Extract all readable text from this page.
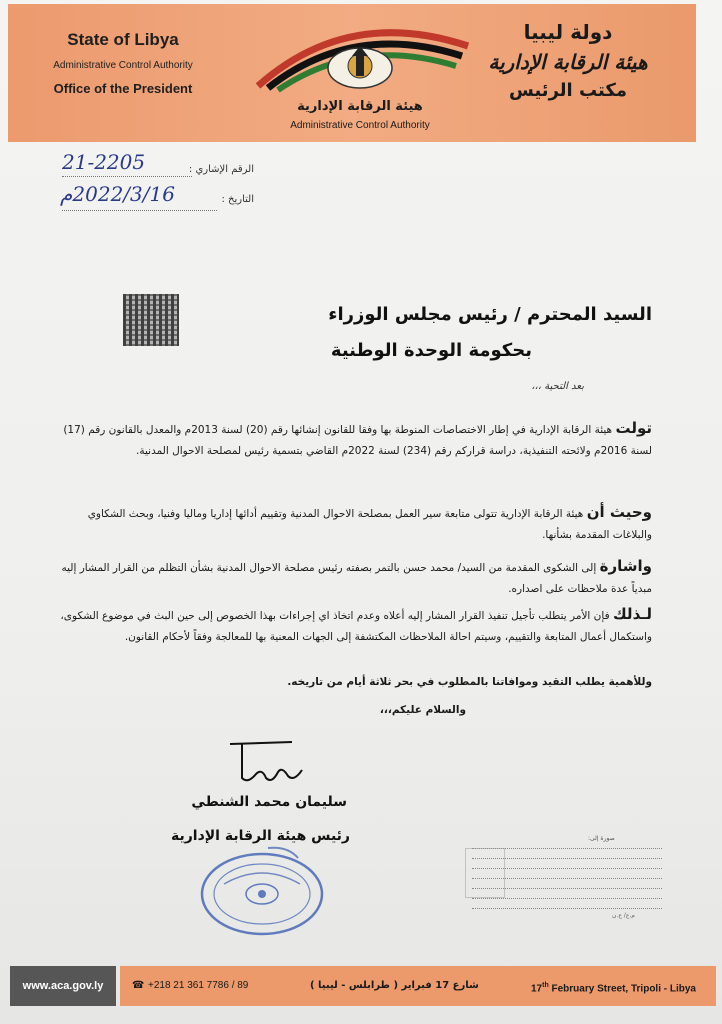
State of Libya
Administrative Control Authority
Office of the President
هيئة الرقابة الإدارية
Administrative Control Authority
دولة ليبيا
هيئة الرقابة الإدارية
مكتب الرئيس
الرقم الإشاري :
21-2205
التاريخ :
2022/3/16م
السيد المحترم / رئيس مجلس الوزراء
بحكومة الوحدة الوطنية
بعد التحية ،،،
تولت هيئة الرقابة الإدارية في إطار الاختصاصات المنوطة بها وفقا للقانون إنشائها رقم (20) لسنة 2013م والمعدل بالقانون رقم (17) لسنة 2016م ولائحته التنفيذية، دراسة قراركم رقم (234) لسنة 2022م القاضي بتسمية رئيس لمصلحة الاحوال المدنية.
وحيث أن هيئة الرقابة الإدارية تتولى متابعة سير العمل بمصلحة الاحوال المدنية وتقييم أدائها إداريا وماليا وفنيا، وبحث الشكاوي والبلاغات المقدمة بشأنها.
واشارة إلى الشكوى المقدمة من السيد/ محمد حسن بالتمر بصفته رئيس مصلحة الاحوال المدنية بشأن التظلم من القرار المشار إليه مبدياً عدة ملاحظات على اصداره.
لـذلك فإن الأمر يتطلب تأجيل تنفيذ القرار المشار إليه أعلاه وعدم اتخاذ اي إجراءات بهذا الخصوص إلى حين البث في موضوع الشكوى، واستكمال أعمال المتابعة والتقييم، وسيتم احالة الملاحظات المكتشفة إلى الجهات المعنية بها للمعالجة وفقاً لأحكام القانون.
وللأهمية يطلب التقيد وموافاتنا بالمطلوب في بحر ثلاثة أيام من تاريخه.
والسلام عليكم،،،
سليمان محمد الشنطي
رئيس هيئة الرقابة الإدارية	صورة إلى:
م.ع/ ع.ن
www.aca.gov.ly	☎ +218 21 361 7786 / 89	شارع 17 فبراير ( طرابلس - ليبيا )	17th February Street, Tripoli - Libya
